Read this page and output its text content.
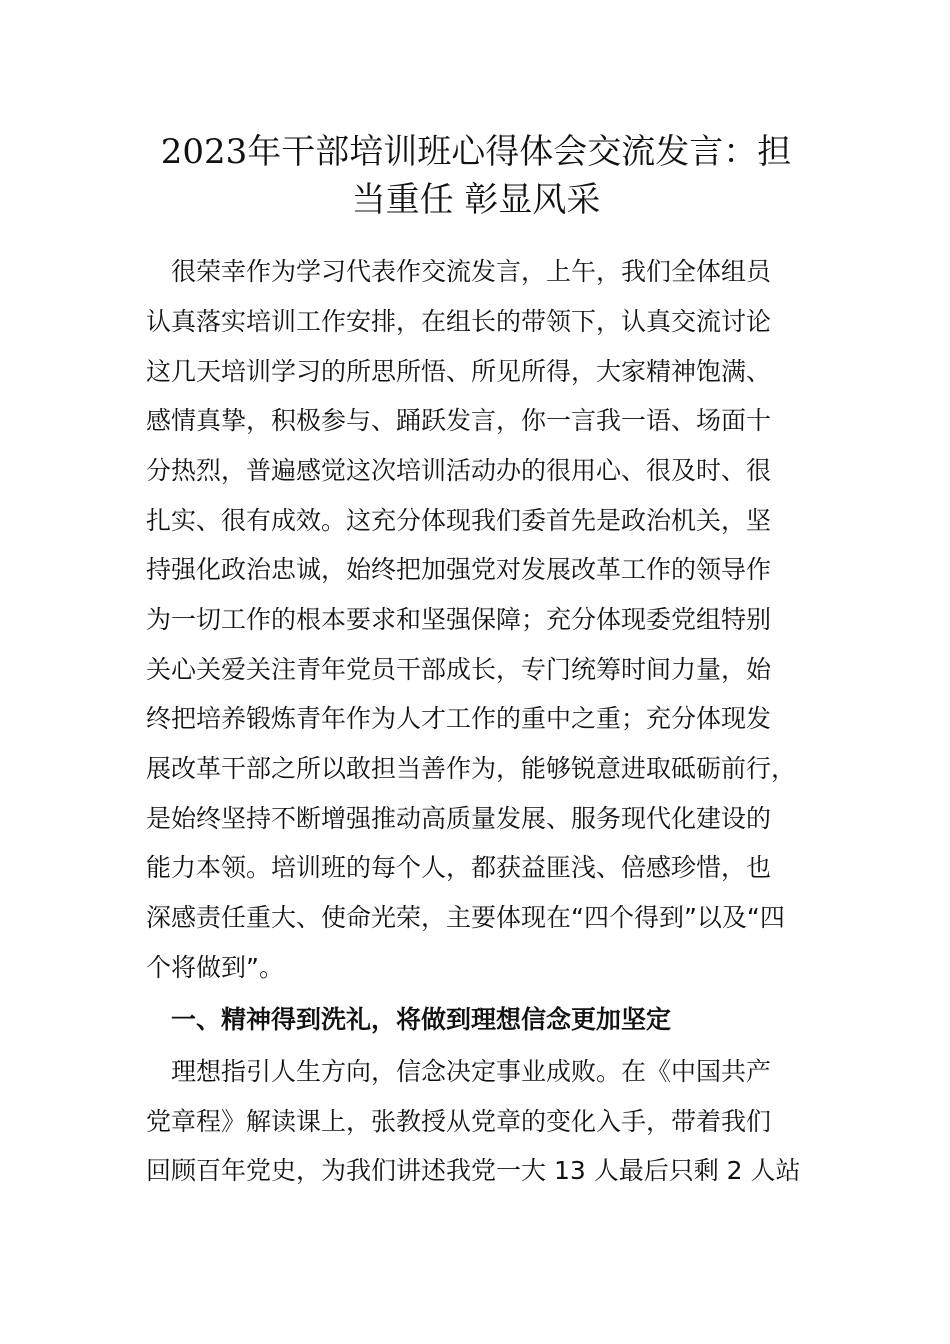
2023年干部培训班心得体会交流发言：担
当重任 彰显风采

　很荣幸作为学习代表作交流发言，上午，我们全体组员

认真落实培训工作安排，在组长的带领下，认真交流讨论

这几天培训学习的所思所悟、所见所得，大家精神饱满、

感情真挚，积极参与、踊跃发言，你一言我一语、场面十

分热烈，普遍感觉这次培训活动办的很用心、很及时、很

扎实、很有成效。这充分体现我们委首先是政治机关，坚

持强化政治忠诚，始终把加强党对发展改革工作的领导作

为一切工作的根本要求和坚强保障；充分体现委党组特别

关心关爱关注青年党员干部成长，专门统筹时间力量，始

终把培养锻炼青年作为人才工作的重中之重；充分体现发

展改革干部之所以敢担当善作为，能够锐意进取砥砺前行，

是始终坚持不断增强推动高质量发展、服务现代化建设的

能力本领。培训班的每个人，都获益匪浅、倍感珍惜，也

深感责任重大、使命光荣，主要体现在“四个得到”以及“四

个将做到”。

　一、精神得到洗礼，将做到理想信念更加坚定

　理想指引人生方向，信念决定事业成败。在《中国共产

党章程》解读课上，张教授从党章的变化入手，带着我们

回顾百年党史，为我们讲述我党一大 13 人最后只剩 2 人站
